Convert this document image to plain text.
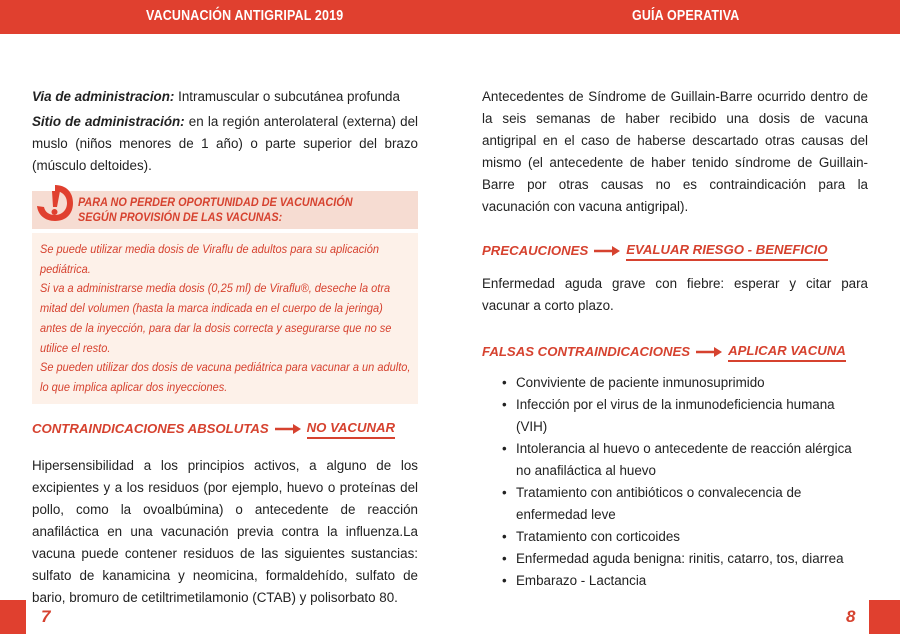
VACUNACIÓN ANTIGRIPAL 2019	GUÍA OPERATIVA

Via de administracion: Intramuscular o subcutánea profunda

Sitio de administración: en la región anterolateral (externa) del muslo (niños menores de 1 año) o parte superior del brazo (músculo deltoides).

PARA NO PERDER OPORTUNIDAD DE VACUNACIÓN SEGÚN PROVISIÓN DE LAS VACUNAS:

Se puede utilizar media dosis de Viraflu de adultos para su aplicación pediátrica.

Si va a administrarse media dosis (0,25 ml) de Viraflu®, deseche la otra mitad del volumen (hasta la marca indicada en el cuerpo de la jeringa) antes de la inyección, para dar la dosis correcta y asegurarse que no se utilice el resto.

Se pueden utilizar dos dosis de vacuna pediátrica para vacunar a un adulto, lo que implica aplicar dos inyecciones.

CONTRAINDICACIONES ABSOLUTAS	NO VACUNAR

Hipersensibilidad a los principios activos, a alguno de los excipientes y a los residuos (por ejemplo, huevo o proteínas del pollo, como la ovoalbúmina) o antecedente de reacción anafiláctica en una vacunación previa contra la influenza.La vacuna puede contener residuos de las siguientes sustancias: sulfato de kanamicina y neomicina, formaldehído, sulfato de bario, bromuro de cetiltrimetilamonio (CTAB) y polisorbato 80.

Antecedentes de Síndrome de Guillain-Barre ocurrido dentro de la seis semanas de haber recibido una dosis de vacuna antigripal en el caso de haberse descartado otras causas del mismo (el antecedente de haber tenido síndrome de Guillain-Barre por otras causas no es contraindicación para la vacunación con vacuna antigripal).

PRECAUCIONES	EVALUAR RIESGO - BENEFICIO

Enfermedad aguda grave con fiebre: esperar y citar para vacunar a corto plazo.

FALSAS CONTRAINDICACIONES	APLICAR VACUNA
• Conviviente de paciente inmunosuprimido
• Infección por el virus de la inmunodeficiencia humana (VIH)
• Intolerancia al huevo o antecedente de reacción alérgica no anafiláctica al huevo
• Tratamiento con antibióticos o convalecencia de enfermedad leve
• Tratamiento con corticoides
• Enfermedad aguda benigna: rinitis, catarro, tos, diarrea
• Embarazo - Lactancia
7	8
